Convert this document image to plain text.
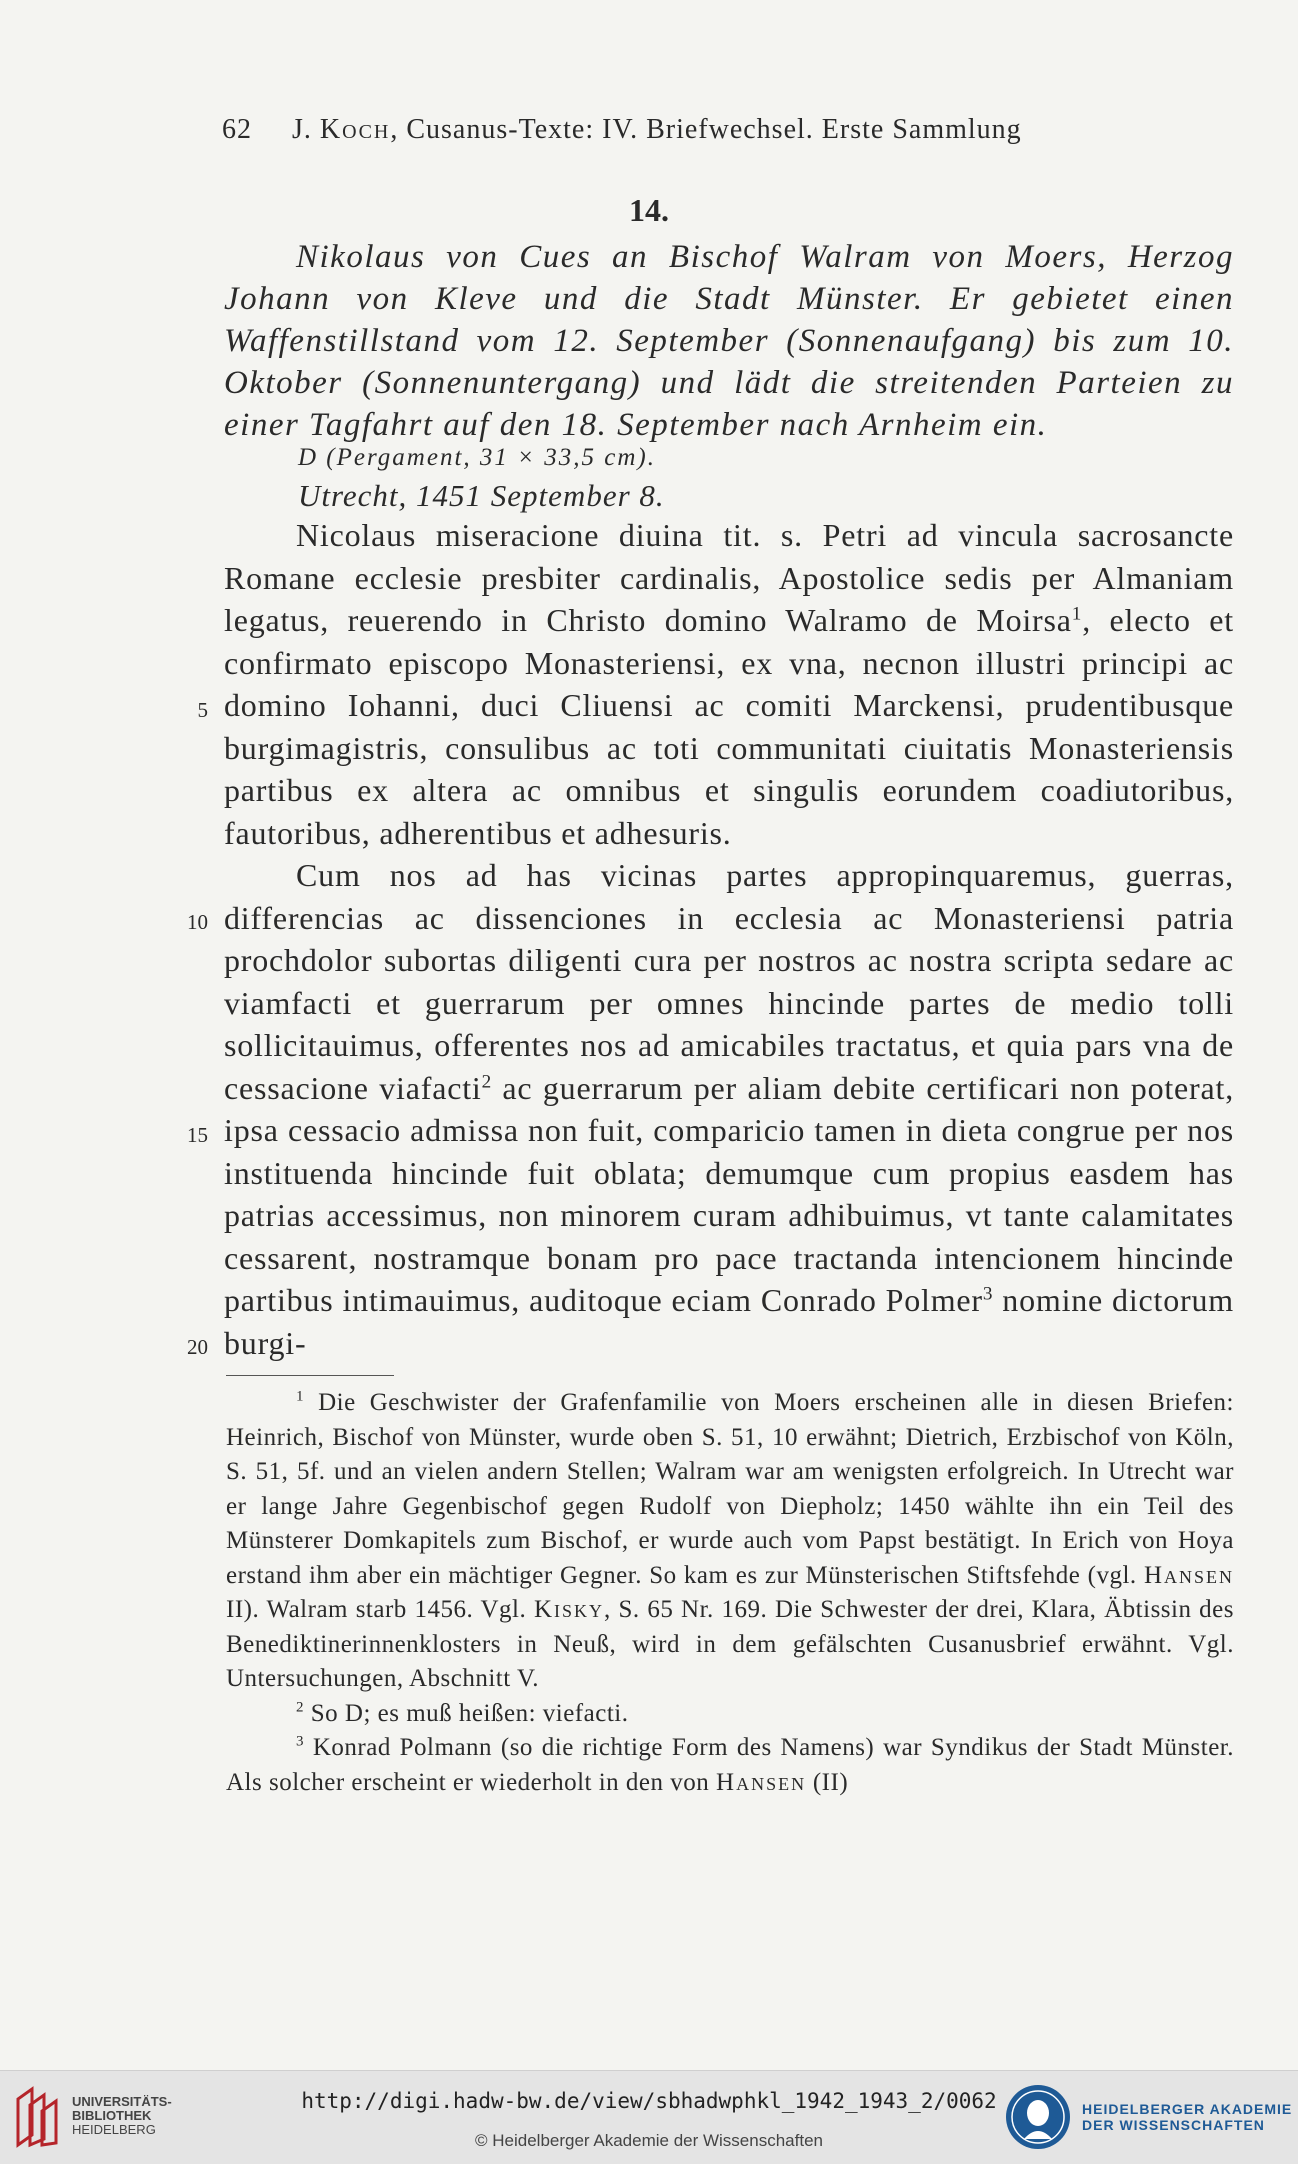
62 J. Koch, Cusanus-Texte: IV. Briefwechsel. Erste Sammlung
14.
Nikolaus von Cues an Bischof Walram von Moers, Herzog Johann von Kleve und die Stadt Münster. Er gebietet einen Waffenstillstand vom 12. September (Sonnenaufgang) bis zum 10. Oktober (Sonnenuntergang) und lädt die streitenden Parteien zu einer Tagfahrt auf den 18. September nach Arnheim ein.
D (Pergament, 31 × 33,5 cm).
Utrecht, 1451 September 8.

Nicolaus miseracione diuina tit. s. Petri ad vincula sacrosancte Romane ecclesie presbiter cardinalis, Apostolice sedis per Almaniam legatus, reuerendo in Christo domino Walramo de Moirsa$^1$, electo et confirmato episcopo Monasteriensi, ex vna, necnon illustri principi ac domino Iohanni, duci Cliuensi ac comiti Marckensi, prudentibusque burgimagistris, consulibus ac toti communitati ciuitatis Monasteriensis partibus ex altera ac omnibus et singulis eorundem coadiutoribus, fautoribus, adherentibus et adhesuris.

Cum nos ad has vicinas partes appropinquaremus, guerras, differencias ac dissenciones in ecclesia ac Monasteriensi patria prochdolor subortas diligenti cura per nostros ac nostra scripta sedare ac viamfacti et guerrarum per omnes hincinde partes de medio tolli sollicitauimus, offerentes nos ad amicabiles tractatus, et quia pars vna de cessacione viafacti$^2$ ac guerrarum per aliam debite certificari non poterat, ipsa cessacio admissa non fuit, comparicio tamen in dieta congrue per nos instituenda hincinde fuit oblata; demumque cum propius easdem has patrias accessimus, non minorem curam adhibuimus, vt tante calamitates cessarent, nostramque bonam pro pace tractanda intencionem hincinde partibus intimauimus, auditoque eciam Conrado Polmer$^3$ nomine dictorum burgi-

5
10
15
20

$^1$ Die Geschwister der Grafenfamilie von Moers erscheinen alle in diesen Briefen: Heinrich, Bischof von Münster, wurde oben S. 51, 10 erwähnt; Dietrich, Erzbischof von Köln, S. 51, 5f. und an vielen andern Stellen; Walram war am wenigsten erfolgreich. In Utrecht war er lange Jahre Gegenbischof gegen Rudolf von Diepholz; 1450 wählte ihn ein Teil des Münsterer Domkapitels zum Bischof, er wurde auch vom Papst bestätigt. In Erich von Hoya erstand ihm aber ein mächtiger Gegner. So kam es zur Münsterischen Stiftsfehde (vgl. Hansen II). Walram starb 1456. Vgl. Kisky, S. 65 Nr. 169. Die Schwester der drei, Klara, Äbtissin des Benediktinerinnenklosters in Neuß, wird in dem gefälschten Cusanusbrief erwähnt. Vgl. Untersuchungen, Abschnitt V.

$^2$ So D; es muß heißen: viefacti.

$^3$ Konrad Polmann (so die richtige Form des Namens) war Syndikus der Stadt Münster. Als solcher erscheint er wiederholt in den von Hansen (II)

UNIVERSITÄTS-
BIBLIOTHEK
HEIDELBERG
http://digi.hadw-bw.de/view/sbhadwphkl_1942_1943_2/0062
© Heidelberger Akademie der Wissenschaften
HEIDELBERGER AKADEMIE
DER WISSENSCHAFTEN
